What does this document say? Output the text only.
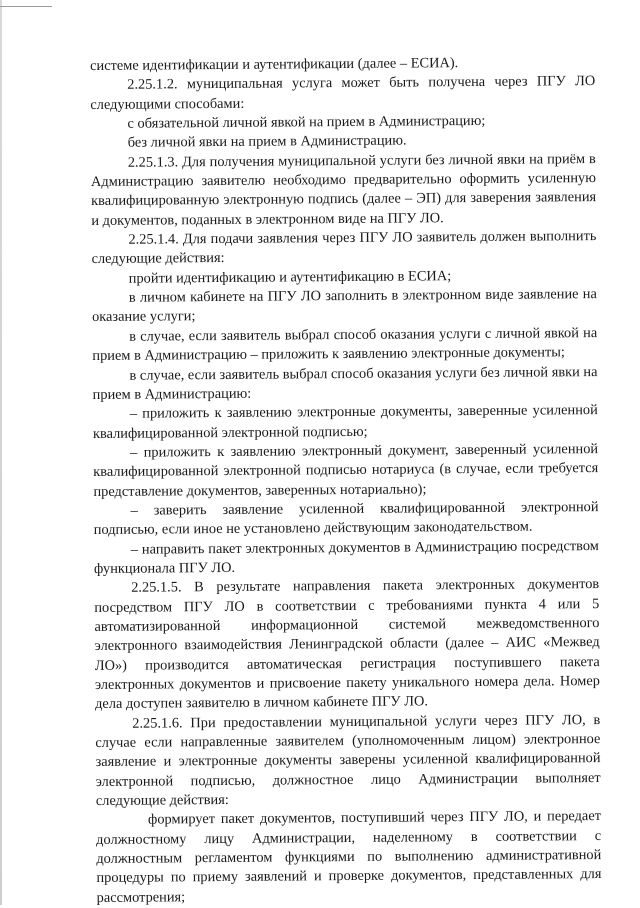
системе идентификации и аутентификации (далее – ЕСИА).

2.25.1.2. муниципальная услуга может быть получена через ПГУ ЛО следующими способами:

с обязательной личной явкой на прием в Администрацию;

без личной явки на прием в Администрацию.

2.25.1.3. Для получения муниципальной услуги без личной явки на приём в Администрацию заявителю необходимо предварительно оформить усиленную квалифицированную электронную подпись (далее – ЭП) для заверения заявления и документов, поданных в электронном виде на ПГУ ЛО.

2.25.1.4. Для подачи заявления через ПГУ ЛО заявитель должен выполнить следующие действия:

пройти идентификацию и аутентификацию в ЕСИА;

в личном кабинете на ПГУ ЛО заполнить в электронном виде заявление на оказание услуги;

в случае, если заявитель выбрал способ оказания услуги с личной явкой на прием в Администрацию – приложить к заявлению электронные документы;

в случае, если заявитель выбрал способ оказания услуги без личной явки на прием в Администрацию:

– приложить к заявлению электронные документы, заверенные усиленной квалифицированной электронной подписью;

– приложить к заявлению электронный документ, заверенный усиленной квалифицированной электронной подписью нотариуса (в случае, если требуется представление документов, заверенных нотариально);

– заверить заявление усиленной квалифицированной электронной подписью, если иное не установлено действующим законодательством.

– направить пакет электронных документов в Администрацию посредством функционала ПГУ ЛО.

2.25.1.5. В результате направления пакета электронных документов посредством ПГУ ЛО в соответствии с требованиями пункта 4 или 5 автоматизированной информационной системой межведомственного электронного взаимодействия Ленинградской области (далее – АИС «Межвед ЛО») производится автоматическая регистрация поступившего пакета электронных документов и присвоение пакету уникального номера дела. Номер дела доступен заявителю в личном кабинете ПГУ ЛО.

2.25.1.6. При предоставлении муниципальной услуги через ПГУ ЛО, в случае если направленные заявителем (уполномоченным лицом) электронное заявление и электронные документы заверены усиленной квалифицированной электронной подписью, должностное лицо Администрации выполняет следующие действия:

формирует пакет документов, поступивший через ПГУ ЛО, и передает должностному лицу Администрации, наделенному в соответствии с должностным регламентом функциями по выполнению административной процедуры по приему заявлений и проверке документов, представленных для рассмотрения;
